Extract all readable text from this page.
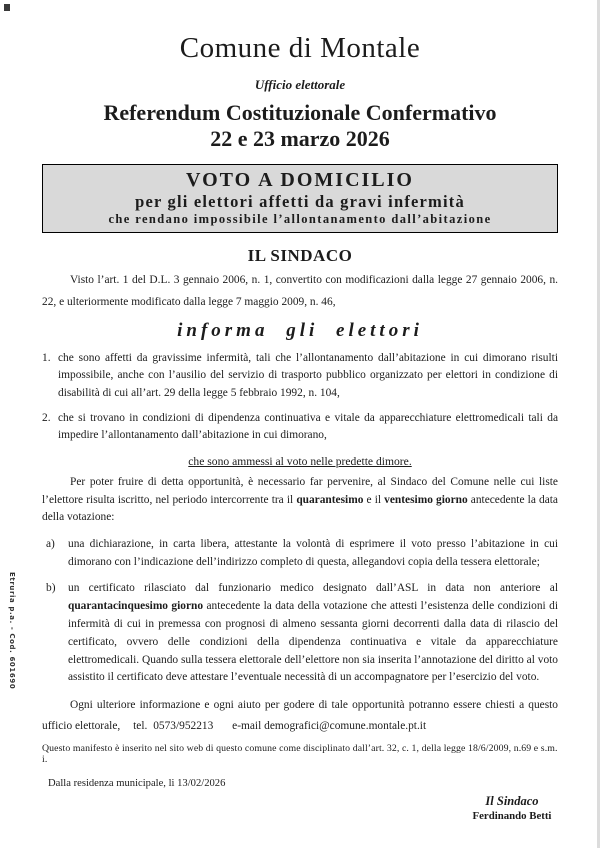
Etruria p.a. - Cod. 601690
Comune di Montale
Ufficio elettorale
Referendum Costituzionale Confermativo
22 e 23 marzo 2026
VOTO A DOMICILIO
per gli elettori affetti da gravi infermità
che rendano impossibile l’allontanamento dall’abitazione
IL SINDACO

Visto l’art. 1 del D.L. 3 gennaio 2006, n. 1, convertito con modificazioni dalla legge 27 gennaio 2006, n. 22, e ulteriormente modificato dalla legge 7 maggio 2009, n. 46,

informa gli elettori
1. che sono affetti da gravissime infermità, tali che l’allontanamento dall’abitazione in cui dimorano risulti impossibile, anche con l’ausilio del servizio di trasporto pubblico organizzato per elettori in condizione di disabilità di cui all’art. 29 della legge 5 febbraio 1992, n. 104,
2. che si trovano in condizioni di dipendenza continuativa e vitale da apparecchiature elettromedicali tali da impedire l’allontanamento dall’abitazione in cui dimorano,
che sono ammessi al voto nelle predette dimore.

Per poter fruire di detta opportunità, è necessario far pervenire, al Sindaco del Comune nelle cui liste l’elettore risulta iscritto, nel periodo intercorrente tra il quarantesimo e il ventesimo giorno antecedente la data della votazione:

a) una dichiarazione, in carta libera, attestante la volontà di esprimere il voto presso l’abitazione in cui dimorano con l’indicazione dell’indirizzo completo di questa, allegandovi copia della tessera elettorale;
b) un certificato rilasciato dal funzionario medico designato dall’ASL in data non anteriore al quarantacinquesimo giorno antecedente la data della votazione che attesti l’esistenza delle condizioni di infermità di cui in premessa con prognosi di almeno sessanta giorni decorrenti dalla data di rilascio del certificato, ovvero delle condizioni della dipendenza continuativa e vitale da apparecchiature elettromedicali. Quando sulla tessera elettorale dell’elettore non sia inserita l’annotazione del diritto al voto assistito il certificato deve attestare l’eventuale necessità di un accompagnatore per l’esercizio del voto.

Ogni ulteriore informazione e ogni aiuto per godere di tale opportunità potranno essere chiesti a questo ufficio elettorale, tel. 0573/952213 e-mail demografici@comune.montale.pt.it

Questo manifesto è inserito nel sito web di questo comune come disciplinato dall’art. 32, c. 1, della legge 18/6/2009, n.69 e s.m. i.
Dalla residenza municipale, li 13/02/2026
Il Sindaco
Ferdinando Betti
